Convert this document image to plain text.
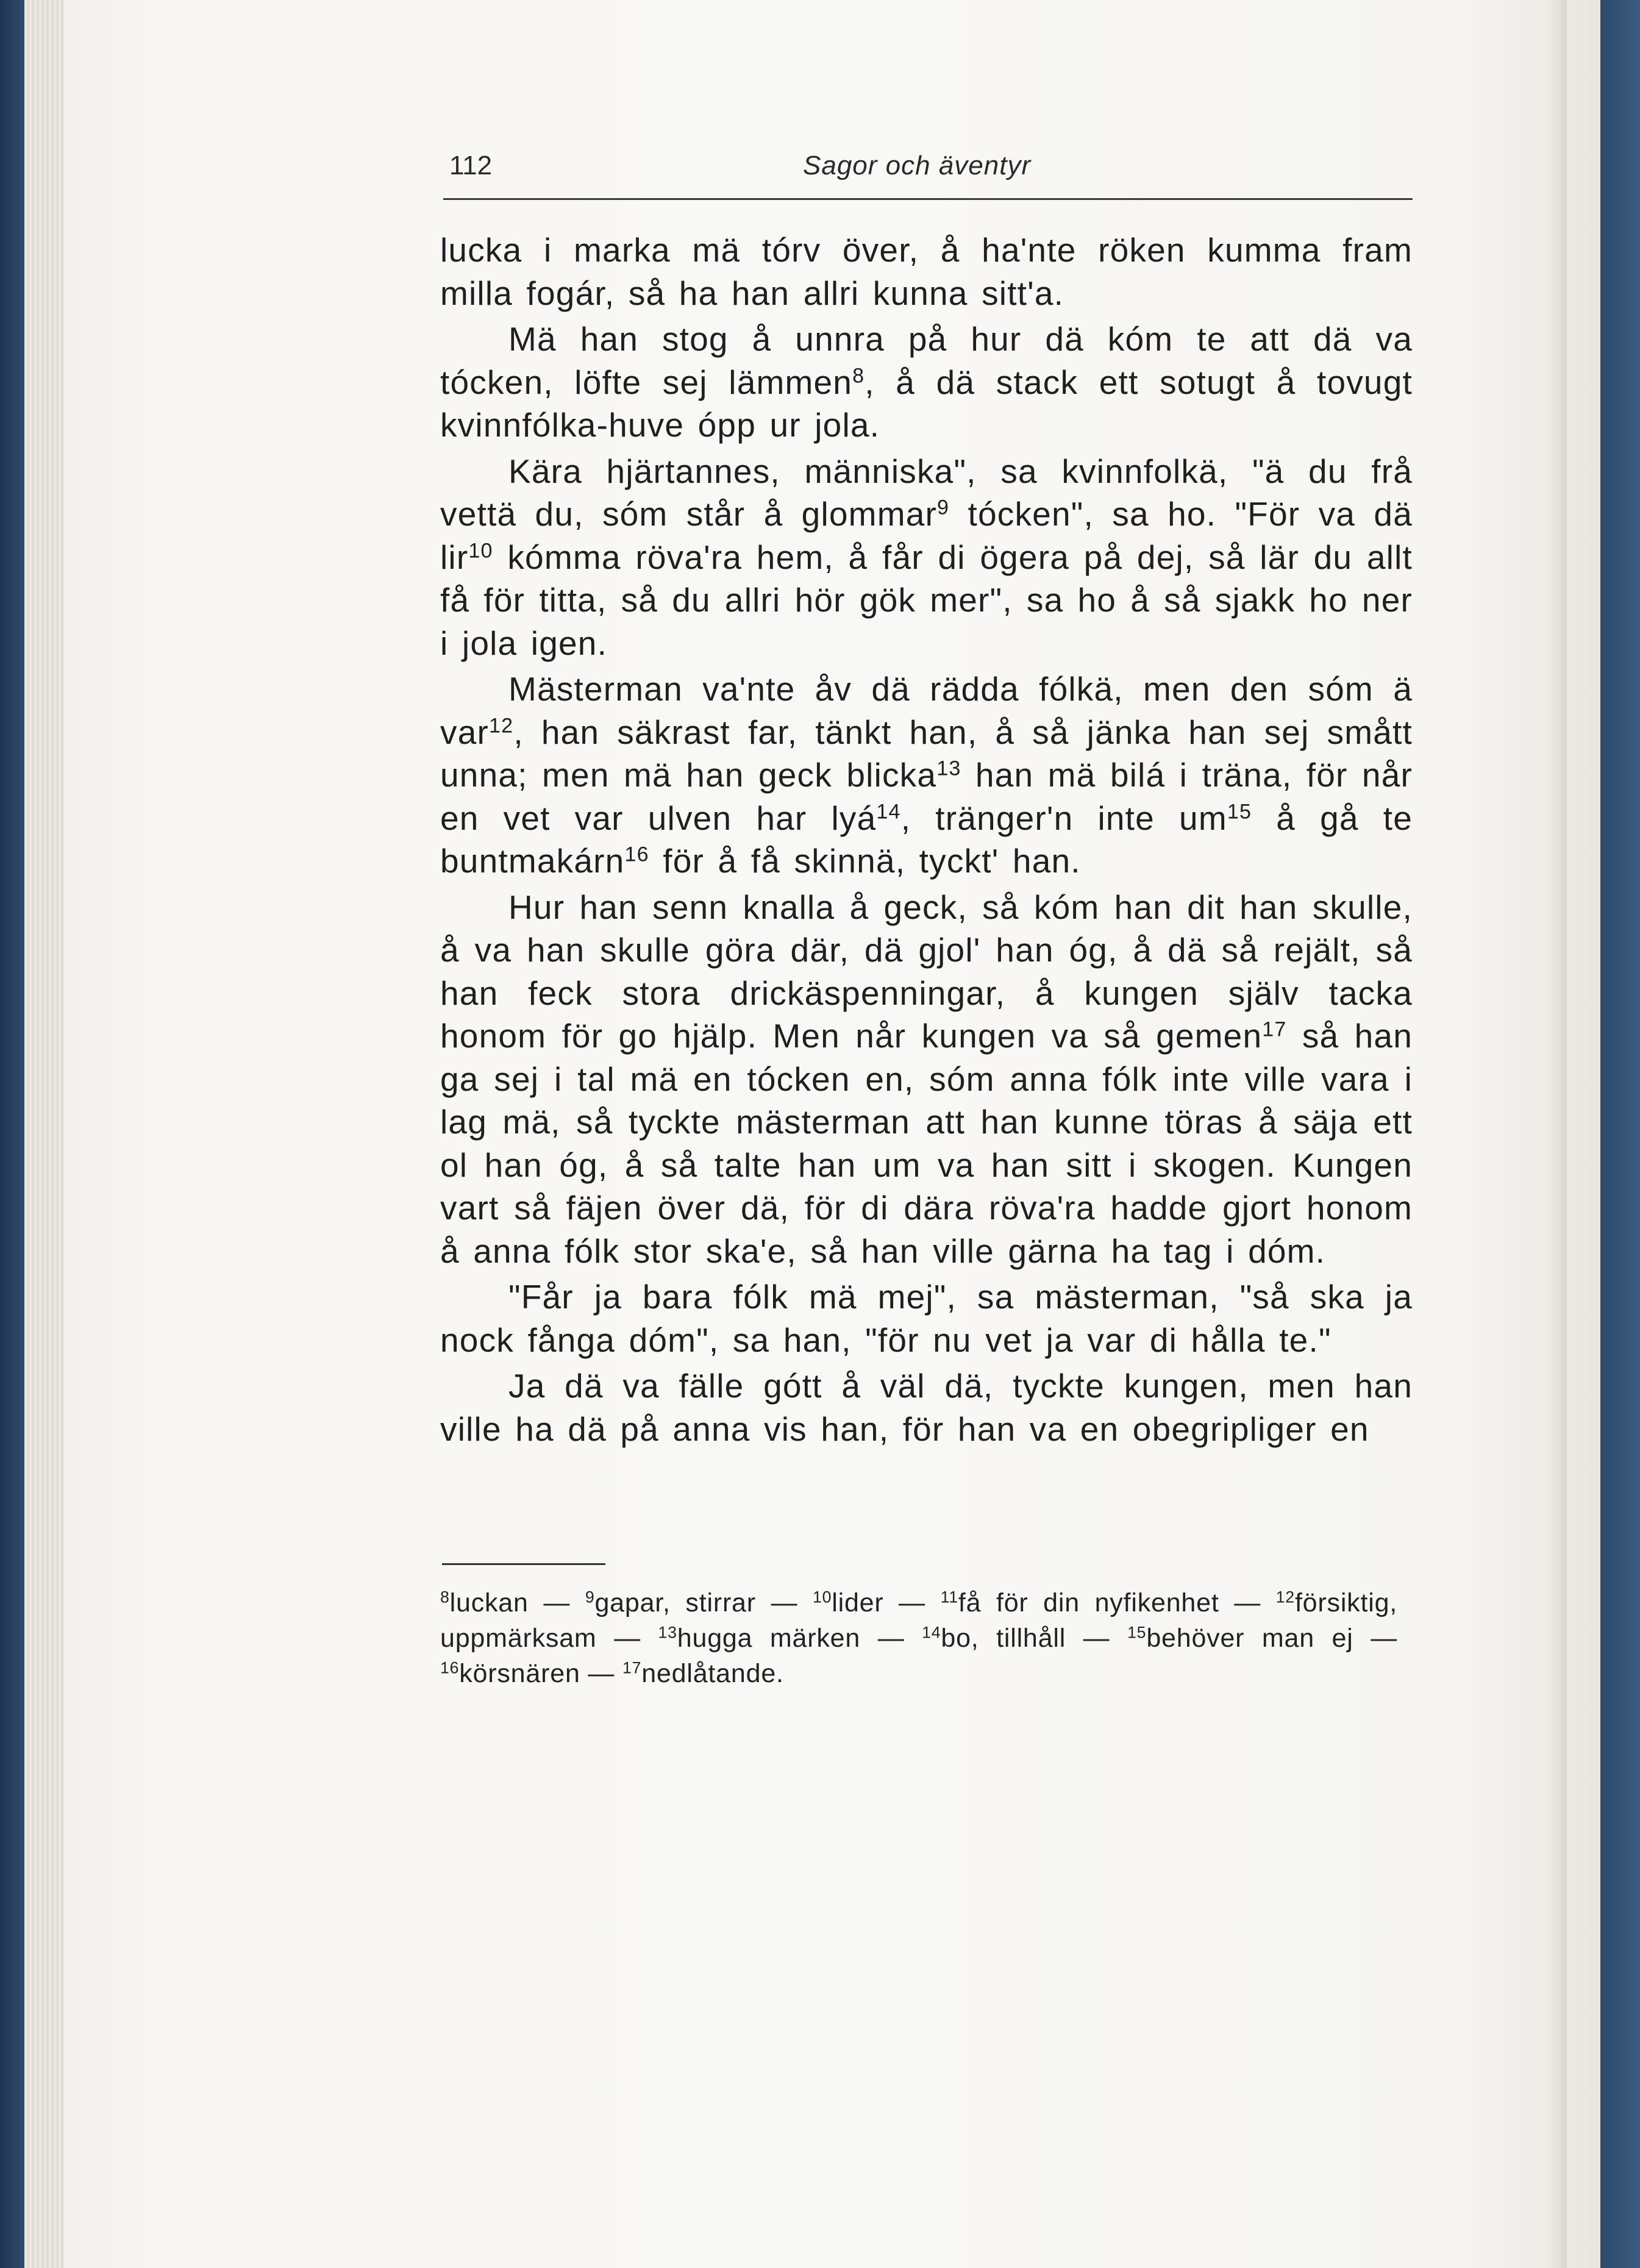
112	Sagor och äventyr

lucka i marka mä tórv över, å ha'nte röken kumma fram milla fogár, så ha han allri kunna sitt'a.

Mä han stog å unnra på hur dä kóm te att dä va tócken, löfte sej lämmen$^8$, å dä stack ett sotugt å tovugt kvinnfólka-huve ópp ur jola.

Kära hjärtannes, människa", sa kvinnfolkä, "ä du frå vettä du, sóm står å glommar$^9$ tócken", sa ho. "För va dä lir$^{10}$ kómma röva'ra hem, å får di ögera på dej, så lär du allt få för titta, så du allri hör gök mer", sa ho å så sjakk ho ner i jola igen.

Mästerman va'nte åv dä rädda fólkä, men den sóm ä var$^{12}$, han säkrast far, tänkt han, å så jänka han sej smått unna; men mä han geck blicka$^{13}$ han mä bilá i träna, för når en vet var ulven har lyá$^{14}$, tränger'n inte $um^{15}$ å gå te buntmakárn$^{16}$ för å få skinnä, tyckt' han.

Hur han senn knalla å geck, så kóm han dit han skulle, å va han skulle göra där, dä gjol' han óg, å dä så rejält, så han feck stora drickäspenningar, å kungen själv tacka honom för go hjälp. Men når kungen va så gemen$^{17}$ så han ga sej i tal mä en tócken en, sóm anna fólk inte ville vara i lag mä, så tyckte mästerman att han kunne töras å säja ett ol han óg, å så talte han um va han sitt i skogen. Kungen vart så fäjen över dä, för di dära röva'ra hadde gjort honom å anna fólk stor ska'e, så han ville gärna ha tag i dóm.

"Får ja bara fólk mä mej", sa mästerman, "så ska ja nock fånga dóm", sa han, "för nu vet ja var di hålla te."

Ja dä va fälle gótt å väl dä, tyckte kungen, men han ville ha dä på anna vis han, för han va en obegripliger en

$^8$luckan — $^9$gapar, stirrar — $^{10}$lider — $^{11}$få för din nyfikenhet — $^{12}$försiktig, uppmärksam — $^{13}$hugga märken — $^{14}$bo, tillhåll — $^{15}$behöver man ej — $^{16}$körsnären — $^{17}$nedlåtande.
